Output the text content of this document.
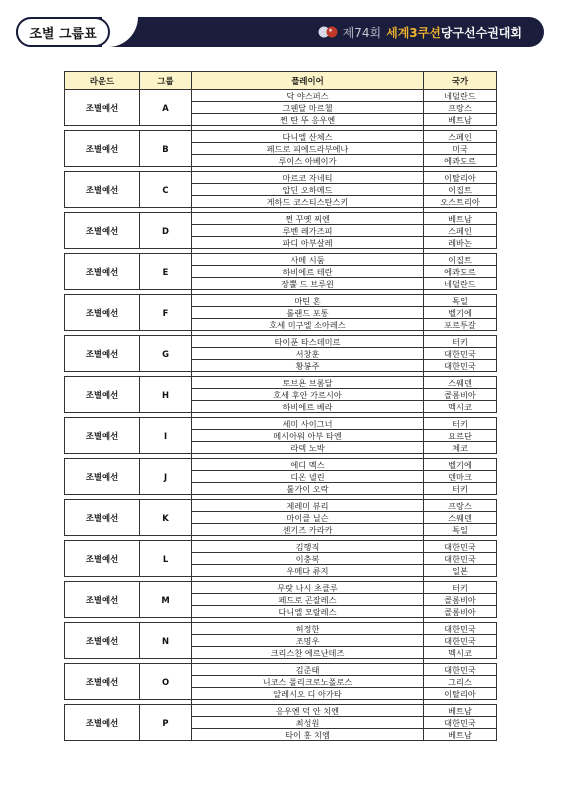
조별 그룹표	제74회 세계3쿠션당구선수권대회
라운드	그룹	플레이어	국가
조별예선	A	닥 야스퍼스	네덜란드
		그웬달 마르첼	프랑스
		쩐 탄 뚜 응우옌	베트남

조별예선	B	다니엘 산체스	스페인
		페드로 피에드라부에나	미국
		루이스 아베이가	에콰도르

조별예선	C	마르코 자네티	이탈리아
		압딘 오하메드	이집트
		게하드 코스티스탄스키	오스트리아

조별예선	D	쩐 꾸옛 찌엔	베트남
		루벤 레가즈피	스페인
		파디 아부살레	레바논

조별예선	E	사메 시둠	이집트
		하비에르 테란	에콰도르
		장뿔 드 브루윈	네덜란드

조별예선	F	마틴 혼	독일
		롤랜드 포통	벨기에
		호세 미구엘 소아레스	포르투갈

조별예선	G	타이푼 타스데미르	터키
		서창훈	대한민국
		황봉주	대한민국

조별예선	H	토브욘 브롬달	스웨덴
		호세 후안 가르시아	콜롬비아
		하비에르 베라	멕시코

조별예선	I	세미 사이그너	터키
		메시아워 아부 타엔	요르단
		라덱 노박	체코

조별예선	J	에디 멕스	벨기에
		디온 넬린	덴마크
		툴가이 오락	터키

조별예선	K	제레미 뷰리	프랑스
		마이클 닐슨	스웨덴
		센기즈 카라카	독일

조별예선	L	김행직	대한민국
		이충복	대한민국
		우메다 류지	일본

조별예선	M	무랏 나시 초클루	터키
		페드로 곤잘레스	콜롬비아
		다니엘 모랄레스	콜롬비아

조별예선	N	허정한	대한민국
		조명우	대한민국
		크리스찬 에르난데즈	멕시코

조별예선	O	김준태	대한민국
		니코스 폴리크로노폴로스	그리스
		알레시오 디 아가타	이탈리아

조별예선	P	응우옌 덕 안 치엔	베트남
		최성원	대한민국
		타이 홍 치엠	베트남
